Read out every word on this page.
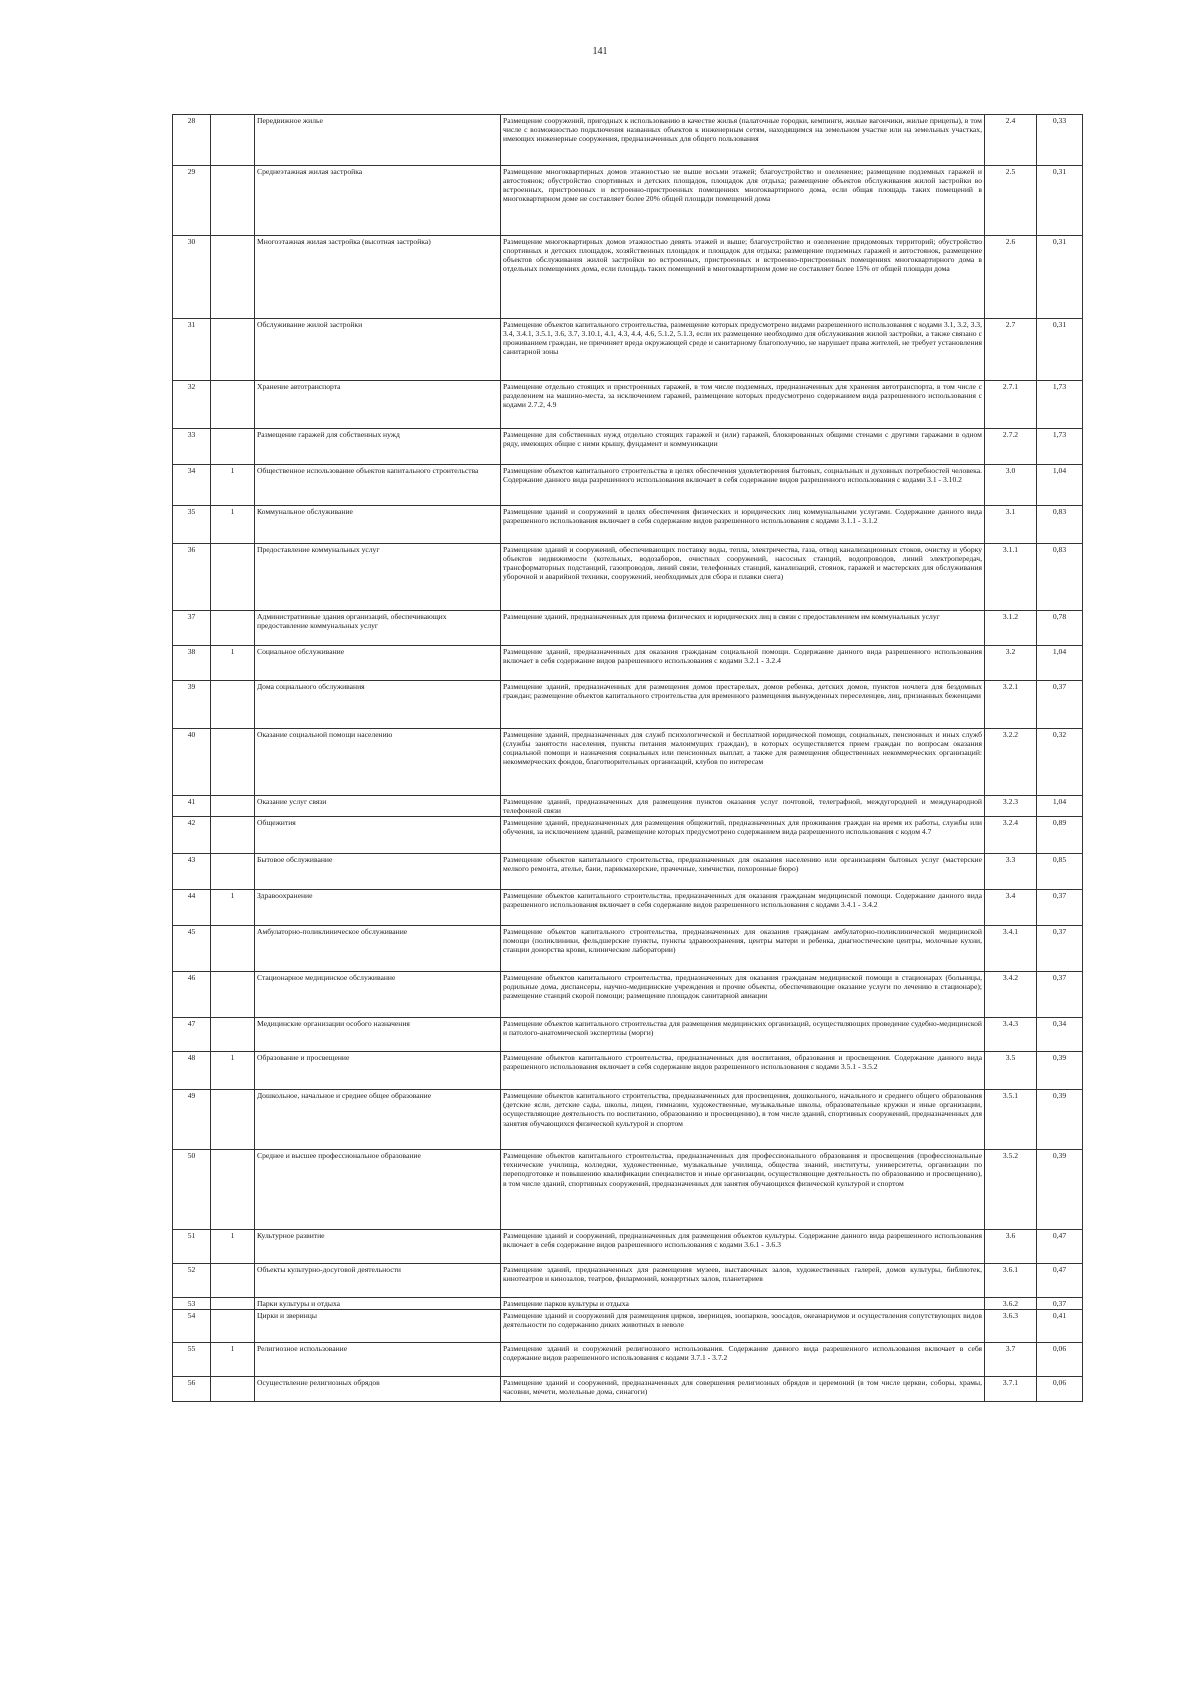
141
28		Передвижное жилье	Размещение сооружений, пригодных к использованию в качестве жилья (палаточные городки, кемпинги, жилые вагончики, жилые прицепы), в том числе с возможностью подключения названных объектов к инженерным сетям, находящимся на земельном участке или на земельных участках, имеющих инженерные сооружения, предназначенных для общего пользования	2.4	0,33
29		Среднеэтажная жилая застройка	Размещение многоквартирных домов этажностью не выше восьми этажей; благоустройство и озеленение; размещение подземных гаражей и автостоянок; обустройство спортивных и детских площадок, площадок для отдыха; размещение объектов обслуживания жилой застройки во встроенных, пристроенных и встроенно-пристроенных помещениях многоквартирного дома, если общая площадь таких помещений в многоквартирном доме не составляет более 20% общей площади помещений дома	2.5	0,31
30		Многоэтажная жилая застройка (высотная застройка)	Размещение многоквартирных домов этажностью девять этажей и выше; благоустройство и озеленение придомовых территорий; обустройство спортивных и детских площадок, хозяйственных площадок и площадок для отдыха; размещение подземных гаражей и автостоянок, размещение объектов обслуживания жилой застройки во встроенных, пристроенных и встроенно-пристроенных помещениях многоквартирного дома в отдельных помещениях дома, если площадь таких помещений в многоквартирном доме не составляет более 15% от общей площади дома	2.6	0,31
31		Обслуживание жилой застройки	Размещение объектов капитального строительства, размещение которых предусмотрено видами разрешенного использования с кодами 3.1, 3.2, 3.3, 3.4, 3.4.1, 3.5.1, 3.6, 3.7, 3.10.1, 4.1, 4.3, 4.4, 4.6, 5.1.2, 5.1.3, если их размещение необходимо для обслуживания жилой застройки, а также связано с проживанием граждан, не причиняет вреда окружающей среде и санитарному благополучию, не нарушает права жителей, не требует установления санитарной зоны	2.7	0,31
32		Хранение автотранспорта	Размещение отдельно стоящих и пристроенных гаражей, в том числе подземных, предназначенных для хранения автотранспорта, в том числе с разделением на машино-места, за исключением гаражей, размещение которых предусмотрено содержанием вида разрешенного использования с кодами 2.7.2, 4.9	2.7.1	1,73
33		Размещение гаражей для собственных нужд	Размещение для собственных нужд отдельно стоящих гаражей и (или) гаражей, блокированных общими стенами с другими гаражами в одном ряду, имеющих общие с ними крышу, фундамент и коммуникации	2.7.2	1,73
34	1	Общественное использование объектов капитального строительства	Размещение объектов капитального строительства в целях обеспечения удовлетворения бытовых, социальных и духовных потребностей человека. Содержание данного вида разрешенного использования включает в себя содержание видов разрешенного использования с кодами 3.1 - 3.10.2	3.0	1,04
35	1	Коммунальное обслуживание	Размещение зданий и сооружений в целях обеспечения физических и юридических лиц коммунальными услугами. Содержание данного вида разрешенного использования включает в себя содержание видов разрешенного использования с кодами 3.1.1 - 3.1.2	3.1	0,83
36		Предоставление коммунальных услуг	Размещение зданий и сооружений, обеспечивающих поставку воды, тепла, электричества, газа, отвод канализационных стоков, очистку и уборку объектов недвижимости (котельных, водозаборов, очистных сооружений, насосных станций, водопроводов, линий электропередач, трансформаторных подстанций, газопроводов, линий связи, телефонных станций, канализаций, стоянок, гаражей и мастерских для обслуживания уборочной и аварийной техники, сооружений, необходимых для сбора и плавки снега)	3.1.1	0,83
37		Административные здания организаций, обеспечивающих предоставление коммунальных услуг	Размещение зданий, предназначенных для приема физических и юридических лиц в связи с предоставлением им коммунальных услуг	3.1.2	0,78
38	1	Социальное обслуживание	Размещение зданий, предназначенных для оказания гражданам социальной помощи. Содержание данного вида разрешенного использования включает в себя содержание видов разрешенного использования с кодами 3.2.1 - 3.2.4	3.2	1,04
39		Дома социального обслуживания	Размещение зданий, предназначенных для размещения домов престарелых, домов ребенка, детских домов, пунктов ночлега для бездомных граждан; размещение объектов капитального строительства для временного размещения вынужденных переселенцев, лиц, признанных беженцами	3.2.1	0,37
40		Оказание социальной помощи населению	Размещение зданий, предназначенных для служб психологической и бесплатной юридической помощи, социальных, пенсионных и иных служб (службы занятости населения, пункты питания малоимущих граждан), в которых осуществляется прием граждан по вопросам оказания социальной помощи и назначения социальных или пенсионных выплат, а также для размещения общественных некоммерческих организаций: некоммерческих фондов, благотворительных организаций, клубов по интересам	3.2.2	0,32
41		Оказание услуг связи	Размещение зданий, предназначенных для размещения пунктов оказания услуг почтовой, телеграфной, междугородней и международной телефонной связи	3.2.3	1,04
42		Общежития	Размещение зданий, предназначенных для размещения общежитий, предназначенных для проживания граждан на время их работы, службы или обучения, за исключением зданий, размещение которых предусмотрено содержанием вида разрешенного использования с кодом 4.7	3.2.4	0,89
43		Бытовое обслуживание	Размещение объектов капитального строительства, предназначенных для оказания населению или организациям бытовых услуг (мастерские мелкого ремонта, ателье, бани, парикмахерские, прачечные, химчистки, похоронные бюро)	3.3	0,85
44	1	Здравоохранение	Размещение объектов капитального строительства, предназначенных для оказания гражданам медицинской помощи. Содержание данного вида разрешенного использования включает в себя содержание видов разрешенного использования с кодами 3.4.1 - 3.4.2	3.4	0,37
45		Амбулаторно-поликлиническое обслуживание	Размещение объектов капитального строительства, предназначенных для оказания гражданам амбулаторно-поликлинической медицинской помощи (поликлиники, фельдшерские пункты, пункты здравоохранения, центры матери и ребенка, диагностические центры, молочные кухни, станции донорства крови, клинические лаборатории)	3.4.1	0,37
46		Стационарное медицинское обслуживание	Размещение объектов капитального строительства, предназначенных для оказания гражданам медицинской помощи в стационарах (больницы, родильные дома, диспансеры, научно-медицинские учреждения и прочие объекты, обеспечивающие оказание услуги по лечению в стационаре); размещение станций скорой помощи; размещение площадок санитарной авиации	3.4.2	0,37
47		Медицинские организации особого назначения	Размещение объектов капитального строительства для размещения медицинских организаций, осуществляющих проведение судебно-медицинской и патолого-анатомической экспертизы (морги)	3.4.3	0,34
48	1	Образование и просвещение	Размещение объектов капитального строительства, предназначенных для воспитания, образования и просвещения. Содержание данного вида разрешенного использования включает в себя содержание видов разрешенного использования с кодами 3.5.1 - 3.5.2	3.5	0,39
49		Дошкольное, начальное и среднее общее образование	Размещение объектов капитального строительства, предназначенных для просвещения, дошкольного, начального и среднего общего образования (детские ясли, детские сады, школы, лицеи, гимназии, художественные, музыкальные школы, образовательные кружки и иные организации, осуществляющие деятельность по воспитанию, образованию и просвещению), в том числе зданий, спортивных сооружений, предназначенных для занятия обучающихся физической культурой и спортом	3.5.1	0,39
50		Среднее и высшее профессиональное образование	Размещение объектов капитального строительства, предназначенных для профессионального образования и просвещения (профессиональные технические училища, колледжи, художественные, музыкальные училища, общества знаний, институты, университеты, организации по переподготовке и повышению квалификации специалистов и иные организации, осуществляющие деятельность по образованию и просвещению), в том числе зданий, спортивных сооружений, предназначенных для занятия обучающихся физической культурой и спортом	3.5.2	0,39
51	1	Культурное развитие	Размещение зданий и сооружений, предназначенных для размещения объектов культуры. Содержание данного вида разрешенного использования включает в себя содержание видов разрешенного использования с кодами 3.6.1 - 3.6.3	3.6	0,47
52		Объекты культурно-досуговой деятельности	Размещение зданий, предназначенных для размещения музеев, выставочных залов, художественных галерей, домов культуры, библиотек, кинотеатров и кинозалов, театров, филармоний, концертных залов, планетариев	3.6.1	0,47
53		Парки культуры и отдыха	Размещение парков культуры и отдыха	3.6.2	0,37
54		Цирки и зверинцы	Размещение зданий и сооружений для размещения цирков, зверинцев, зоопарков, зоосадов, океанариумов и осуществления сопутствующих видов деятельности по содержанию диких животных в неволе	3.6.3	0,41
55	1	Религиозное использование	Размещение зданий и сооружений религиозного использования. Содержание данного вида разрешенного использования включает в себя содержание видов разрешенного использования с кодами 3.7.1 - 3.7.2	3.7	0,06
56		Осуществление религиозных обрядов	Размещение зданий и сооружений, предназначенных для совершения религиозных обрядов и церемоний (в том числе церкви, соборы, храмы, часовни, мечети, молельные дома, синагоги)	3.7.1	0,06
